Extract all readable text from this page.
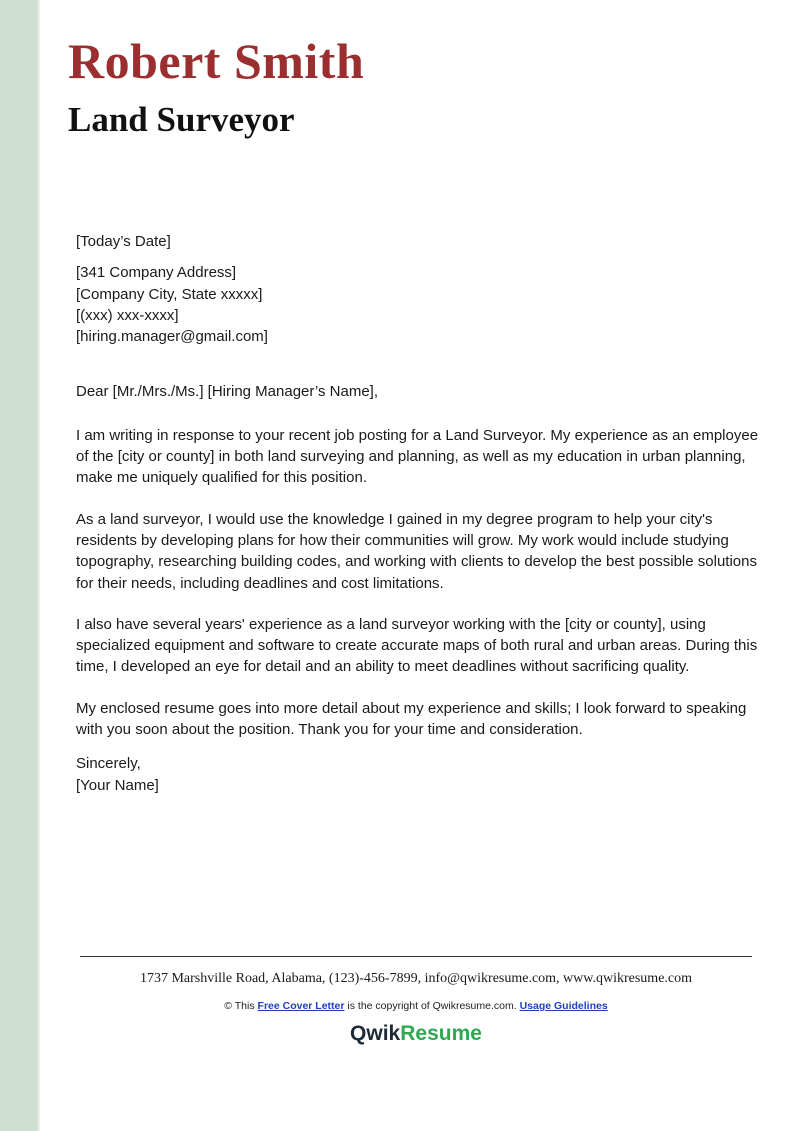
Robert Smith
Land Surveyor

[Today’s Date]

[341 Company Address]

[Company City, State xxxxx]

[(xxx) xxx-xxxx]

[hiring.manager@gmail.com]

Dear [Mr./Mrs./Ms.] [Hiring Manager’s Name],

I am writing in response to your recent job posting for a Land Surveyor. My experience as an employee of the [city or county] in both land surveying and planning, as well as my education in urban planning, make me uniquely qualified for this position.

As a land surveyor, I would use the knowledge I gained in my degree program to help your city's residents by developing plans for how their communities will grow. My work would include studying topography, researching building codes, and working with clients to develop the best possible solutions for their needs, including deadlines and cost limitations.

I also have several years' experience as a land surveyor working with the [city or county], using specialized equipment and software to create accurate maps of both rural and urban areas. During this time, I developed an eye for detail and an ability to meet deadlines without sacrificing quality.

My enclosed resume goes into more detail about my experience and skills; I look forward to speaking with you soon about the position. Thank you for your time and consideration.

Sincerely,

[Your Name]

1737 Marshville Road, Alabama, (123)-456-7899, info@qwikresume.com, www.qwikresume.com
© This Free Cover Letter is the copyright of Qwikresume.com. Usage Guidelines
QwikResume
